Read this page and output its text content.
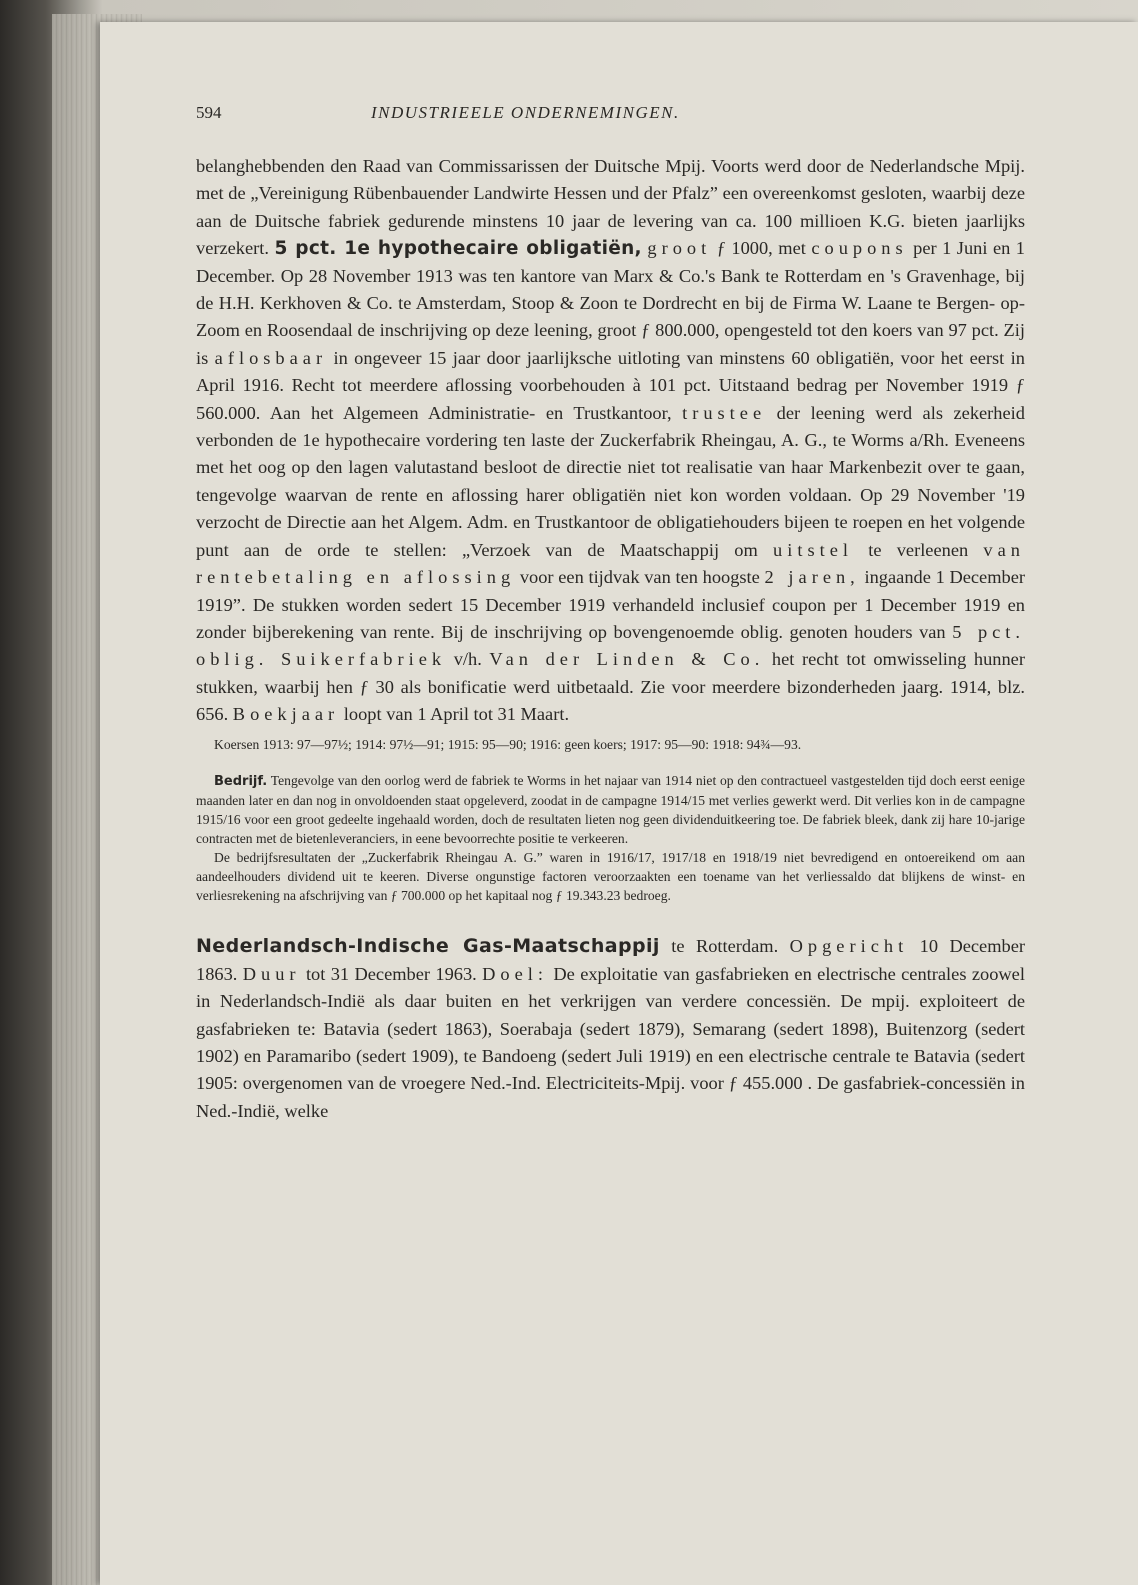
594	INDUSTRIEELE ONDERNEMINGEN.

belanghebbenden den Raad van Commissarissen der Duitsche Mpij. Voorts werd door de Nederlandsche Mpij. met de „Vereinigung Rübenbauender Landwirte Hessen und der Pfalz” een overeenkomst gesloten, waarbij deze aan de Duitsche fabriek gedurende minstens 10 jaar de levering van ca. 100 millioen K.G. bieten jaarlijks verzekert. 5 pct. 1e hypothecaire obligatiën, groot ƒ 1000, met coupons per 1 Juni en 1 December. Op 28 November 1913 was ten kantore van Marx & Co.'s Bank te Rotterdam en 's Gravenhage, bij de H.H. Kerkhoven & Co. te Amsterdam, Stoop & Zoon te Dordrecht en bij de Firma W. Laane te Bergen- op-Zoom en Roosendaal de inschrijving op deze leening, groot ƒ 800.000, opengesteld tot den koers van 97 pct. Zij is aflosbaar in ongeveer 15 jaar door jaarlijksche uitloting van minstens 60 obligatiën, voor het eerst in April 1916. Recht tot meerdere aflossing voorbehouden à 101 pct. Uitstaand bedrag per November 1919 ƒ 560.000. Aan het Algemeen Administratie- en Trustkantoor, trustee der leening werd als zekerheid verbonden de 1e hypothecaire vordering ten laste der Zuckerfabrik Rheingau, A. G., te Worms a/Rh. Eveneens met het oog op den lagen valutastand besloot de directie niet tot realisatie van haar Markenbezit over te gaan, tengevolge waarvan de rente en aflossing harer obligatiën niet kon worden voldaan. Op 29 November '19 verzocht de Directie aan het Algem. Adm. en Trustkantoor de obligatiehouders bijeen te roepen en het volgende punt aan de orde te stellen: „Verzoek van de Maatschappij om uitstel te verleenen van rentebetaling en aflossing voor een tijdvak van ten hoogste 2 jaren, ingaande 1 December 1919”. De stukken worden sedert 15 December 1919 verhandeld inclusief coupon per 1 December 1919 en zonder bijberekening van rente. Bij de inschrijving op bovengenoemde oblig. genoten houders van 5 pct. oblig. Suikerfabriek v/h. Van der Linden & Co. het recht tot omwisseling hunner stukken, waarbij hen ƒ 30 als bonificatie werd uitbetaald. Zie voor meerdere bizonderheden jaarg. 1914, blz. 656. Boekjaar loopt van 1 April tot 31 Maart.

Koersen 1913: 97—97½; 1914: 97½—91; 1915: 95—90; 1916: geen koers; 1917: 95—90: 1918: 94¾—93.

Bedrijf. Tengevolge van den oorlog werd de fabriek te Worms in het najaar van 1914 niet op den contractueel vastgestelden tijd doch eerst eenige maanden later en dan nog in onvoldoenden staat opgeleverd, zoodat in de campagne 1914/15 met verlies gewerkt werd. Dit verlies kon in de campagne 1915/16 voor een groot gedeelte ingehaald worden, doch de resultaten lieten nog geen dividenduitkeering toe. De fabriek bleek, dank zij hare 10-jarige contracten met de bietenleveranciers, in eene bevoorrechte positie te verkeeren.

De bedrijfsresultaten der „Zuckerfabrik Rheingau A. G.” waren in 1916/17, 1917/18 en 1918/19 niet bevredigend en ontoereikend om aan aandeelhouders dividend uit te keeren. Diverse ongunstige factoren veroorzaakten een toename van het verliessaldo dat blijkens de winst- en verliesrekening na afschrijving van ƒ 700.000 op het kapitaal nog ƒ 19.343.23 bedroeg.

Nederlandsch-Indische Gas-Maatschappij te Rotterdam. Opgericht 10 December 1863. Duur tot 31 December 1963. Doel: De exploitatie van gasfabrieken en electrische centrales zoowel in Nederlandsch-Indië als daar buiten en het verkrijgen van verdere concessiën. De mpij. exploiteert de gasfabrieken te: Batavia (sedert 1863), Soerabaja (sedert 1879), Semarang (sedert 1898), Buitenzorg (sedert 1902) en Paramaribo (sedert 1909), te Bandoeng (sedert Juli 1919) en een electrische centrale te Batavia (sedert 1905: overgenomen van de vroegere Ned.-Ind. Electriciteits-Mpij. voor ƒ 455.000 . De gasfabriek-concessiën in Ned.-Indië, welke
